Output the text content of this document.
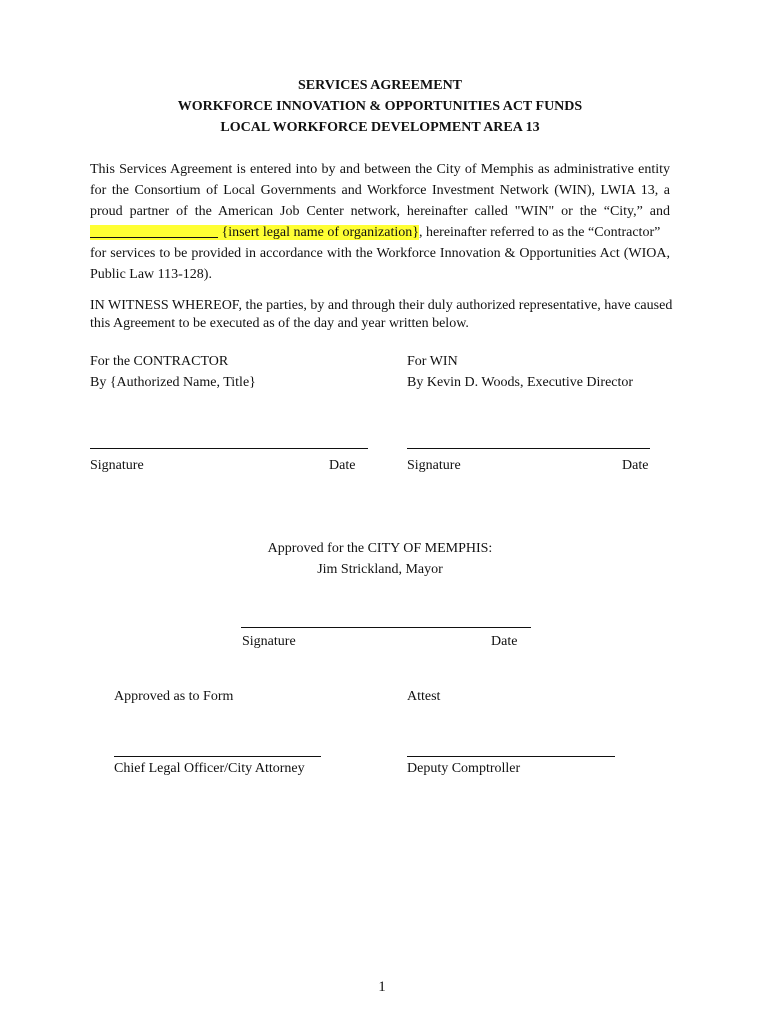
SERVICES AGREEMENT
WORKFORCE INNOVATION & OPPORTUNITIES ACT FUNDS
LOCAL WORKFORCE DEVELOPMENT AREA 13
This Services Agreement is entered into by and between the City of Memphis as administrative entity
for the Consortium of Local Governments and Workforce Investment Network (WIN), LWIA 13, a
proud partner of the American Job Center network, hereinafter called "WIN" or the “City,” and
{insert legal name of organization}, hereinafter referred to as the “Contractor”
for services to be provided in accordance with the Workforce Innovation & Opportunities Act (WIOA,
Public Law 113-128).
IN WITNESS WHEREOF, the parties, by and through their duly authorized representative, have caused
this Agreement to be executed as of the day and year written below.
For the CONTRACTOR
By {Authorized Name, Title}
Signature	Date
For WIN
By Kevin D. Woods, Executive Director
Signature	Date
Approved for the CITY OF MEMPHIS:
Jim Strickland, Mayor
Signature	Date
Approved as to Form
Chief Legal Officer/City Attorney
Attest
Deputy Comptroller
1
